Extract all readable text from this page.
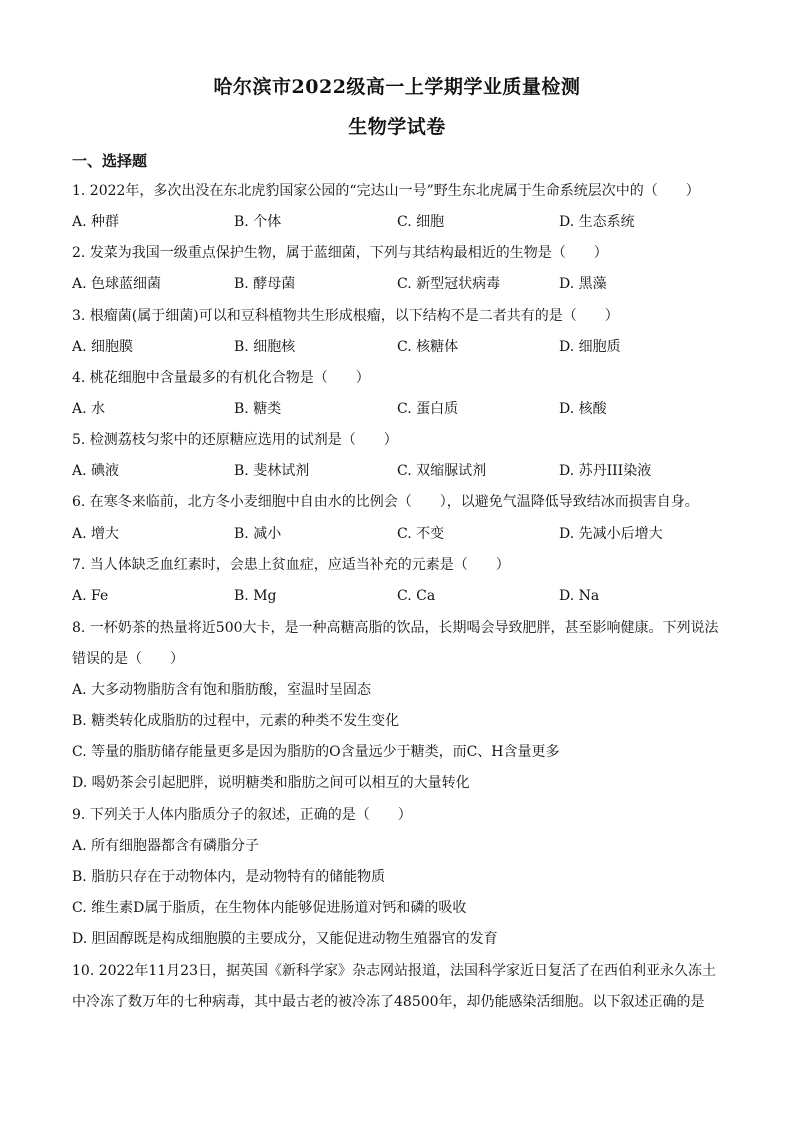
哈尔滨市2022级高一上学期学业质量检测
生物学试卷
一、选择题
1. 2022年，多次出没在东北虎豹国家公园的“完达山一号”野生东北虎属于生命系统层次中的（　　）
A. 种群	B. 个体	C. 细胞	D. 生态系统
2. 发菜为我国一级重点保护生物，属于蓝细菌，下列与其结构最相近的生物是（　　）
A. 色球蓝细菌	B. 酵母菌	C. 新型冠状病毒	D. 黑藻
3. 根瘤菌(属于细菌)可以和豆科植物共生形成根瘤，以下结构不是二者共有的是（　　）
A. 细胞膜	B. 细胞核	C. 核糖体	D. 细胞质
4. 桃花细胞中含量最多的有机化合物是（　　）
A. 水	B. 糖类	C. 蛋白质	D. 核酸
5. 检测荔枝匀浆中的还原糖应选用的试剂是（　　）
A. 碘液	B. 斐林试剂	C. 双缩脲试剂	D. 苏丹III染液
6. 在寒冬来临前，北方冬小麦细胞中自由水的比例会（　　），以避免气温降低导致结冰而损害自身。
A. 增大	B. 减小	C. 不变	D. 先减小后增大
7. 当人体缺乏血红素时，会患上贫血症，应适当补充的元素是（　　）
A. Fe	B. Mg	C. Ca	D. Na
8. 一杯奶茶的热量将近500大卡，是一种高糖高脂的饮品，长期喝会导致肥胖，甚至影响健康。下列说法
错误的是（　　）
A. 大多动物脂肪含有饱和脂肪酸，室温时呈固态
B. 糖类转化成脂肪的过程中，元素的种类不发生变化
C. 等量的脂肪储存能量更多是因为脂肪的O含量远少于糖类，而C、H含量更多
D. 喝奶茶会引起肥胖，说明糖类和脂肪之间可以相互的大量转化
9. 下列关于人体内脂质分子的叙述，正确的是（　　）
A. 所有细胞器都含有磷脂分子
B. 脂肪只存在于动物体内，是动物特有的储能物质
C. 维生素D属于脂质，在生物体内能够促进肠道对钙和磷的吸收
D. 胆固醇既是构成细胞膜的主要成分，又能促进动物生殖器官的发育
10. 2022年11月23日，据英国《新科学家》杂志网站报道，法国科学家近日复活了在西伯利亚永久冻土
中冷冻了数万年的七种病毒，其中最古老的被冷冻了48500年，却仍能感染活细胞。以下叙述正确的是
